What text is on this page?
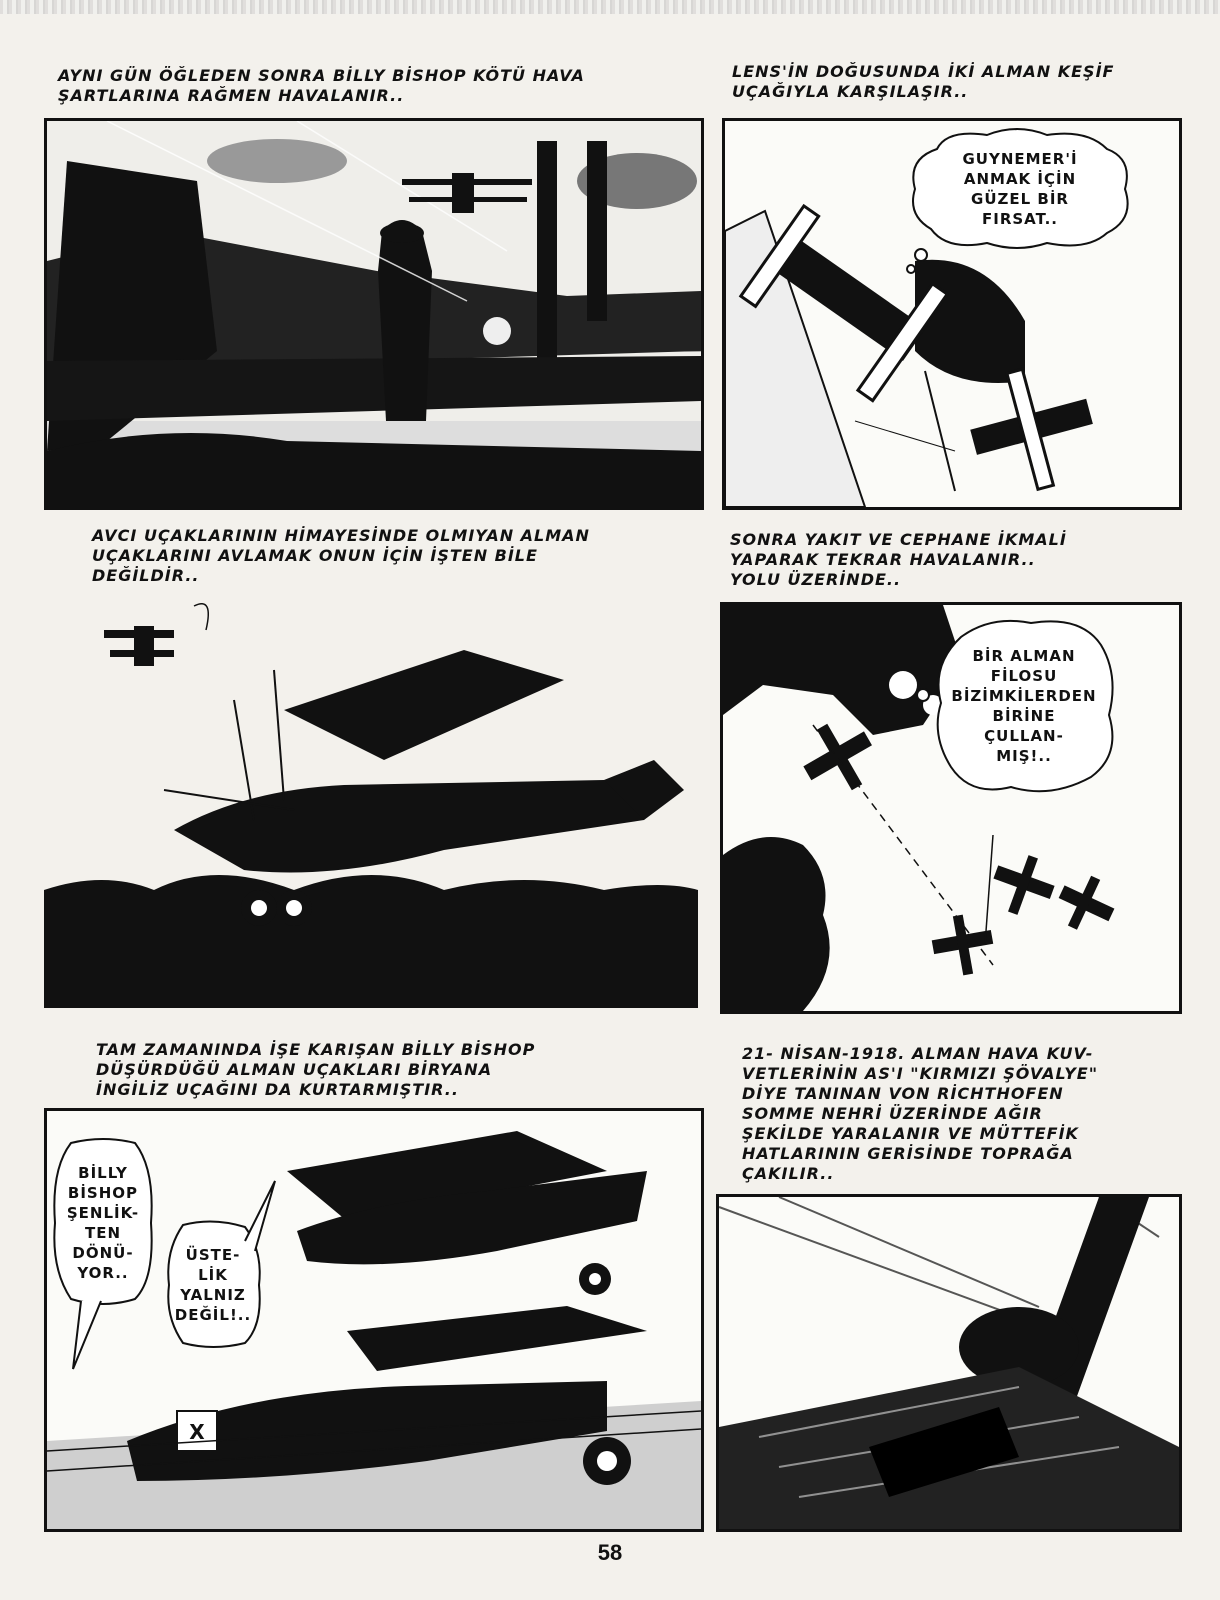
AYNI GÜN ÖĞLEDEN SONRA BİLLY BİSHOP KÖTÜ HAVA
ŞARTLARINA RAĞMEN HAVALANIR..
LENS'İN DOĞUSUNDA İKİ ALMAN KEŞİF
UÇAĞIYLA KARŞILAŞIR..
GUYNEMER'İ
ANMAK İÇİN
GÜZEL BİR
FIRSAT..
AVCI UÇAKLARININ HİMAYESİNDE OLMIYAN ALMAN
UÇAKLARINI AVLAMAK ONUN İÇİN İŞTEN BİLE
DEĞİLDİR..
SONRA YAKIT VE CEPHANE İKMALİ
YAPARAK TEKRAR HAVALANIR..
YOLU ÜZERİNDE..
BİR ALMAN
FİLOSU
BİZİMKİLERDEN
BİRİNE
ÇULLAN-
MIŞ!..
TAM ZAMANINDA İŞE KARIŞAN BİLLY BİSHOP
DÜŞÜRDÜĞÜ ALMAN UÇAKLARI BİRYANA
İNGİLİZ UÇAĞINI DA KURTARMIŞTIR..
21- NİSAN-1918. ALMAN HAVA KUV-
VETLERİNİN AS'I "KIRMIZI ŞÖVALYE"
DİYE TANINAN VON RİCHTHOFEN
SOMME NEHRİ ÜZERİNDE AĞIR
ŞEKİLDE YARALANIR VE MÜTTEFİK
HATLARININ GERİSİNDE TOPRAĞA
ÇAKILIR..
X
BİLLY
BİSHOP
ŞENLİK-
TEN
DÖNÜ-
YOR..
ÜSTE-
LİK
YALNIZ
DEĞİL!..
58
